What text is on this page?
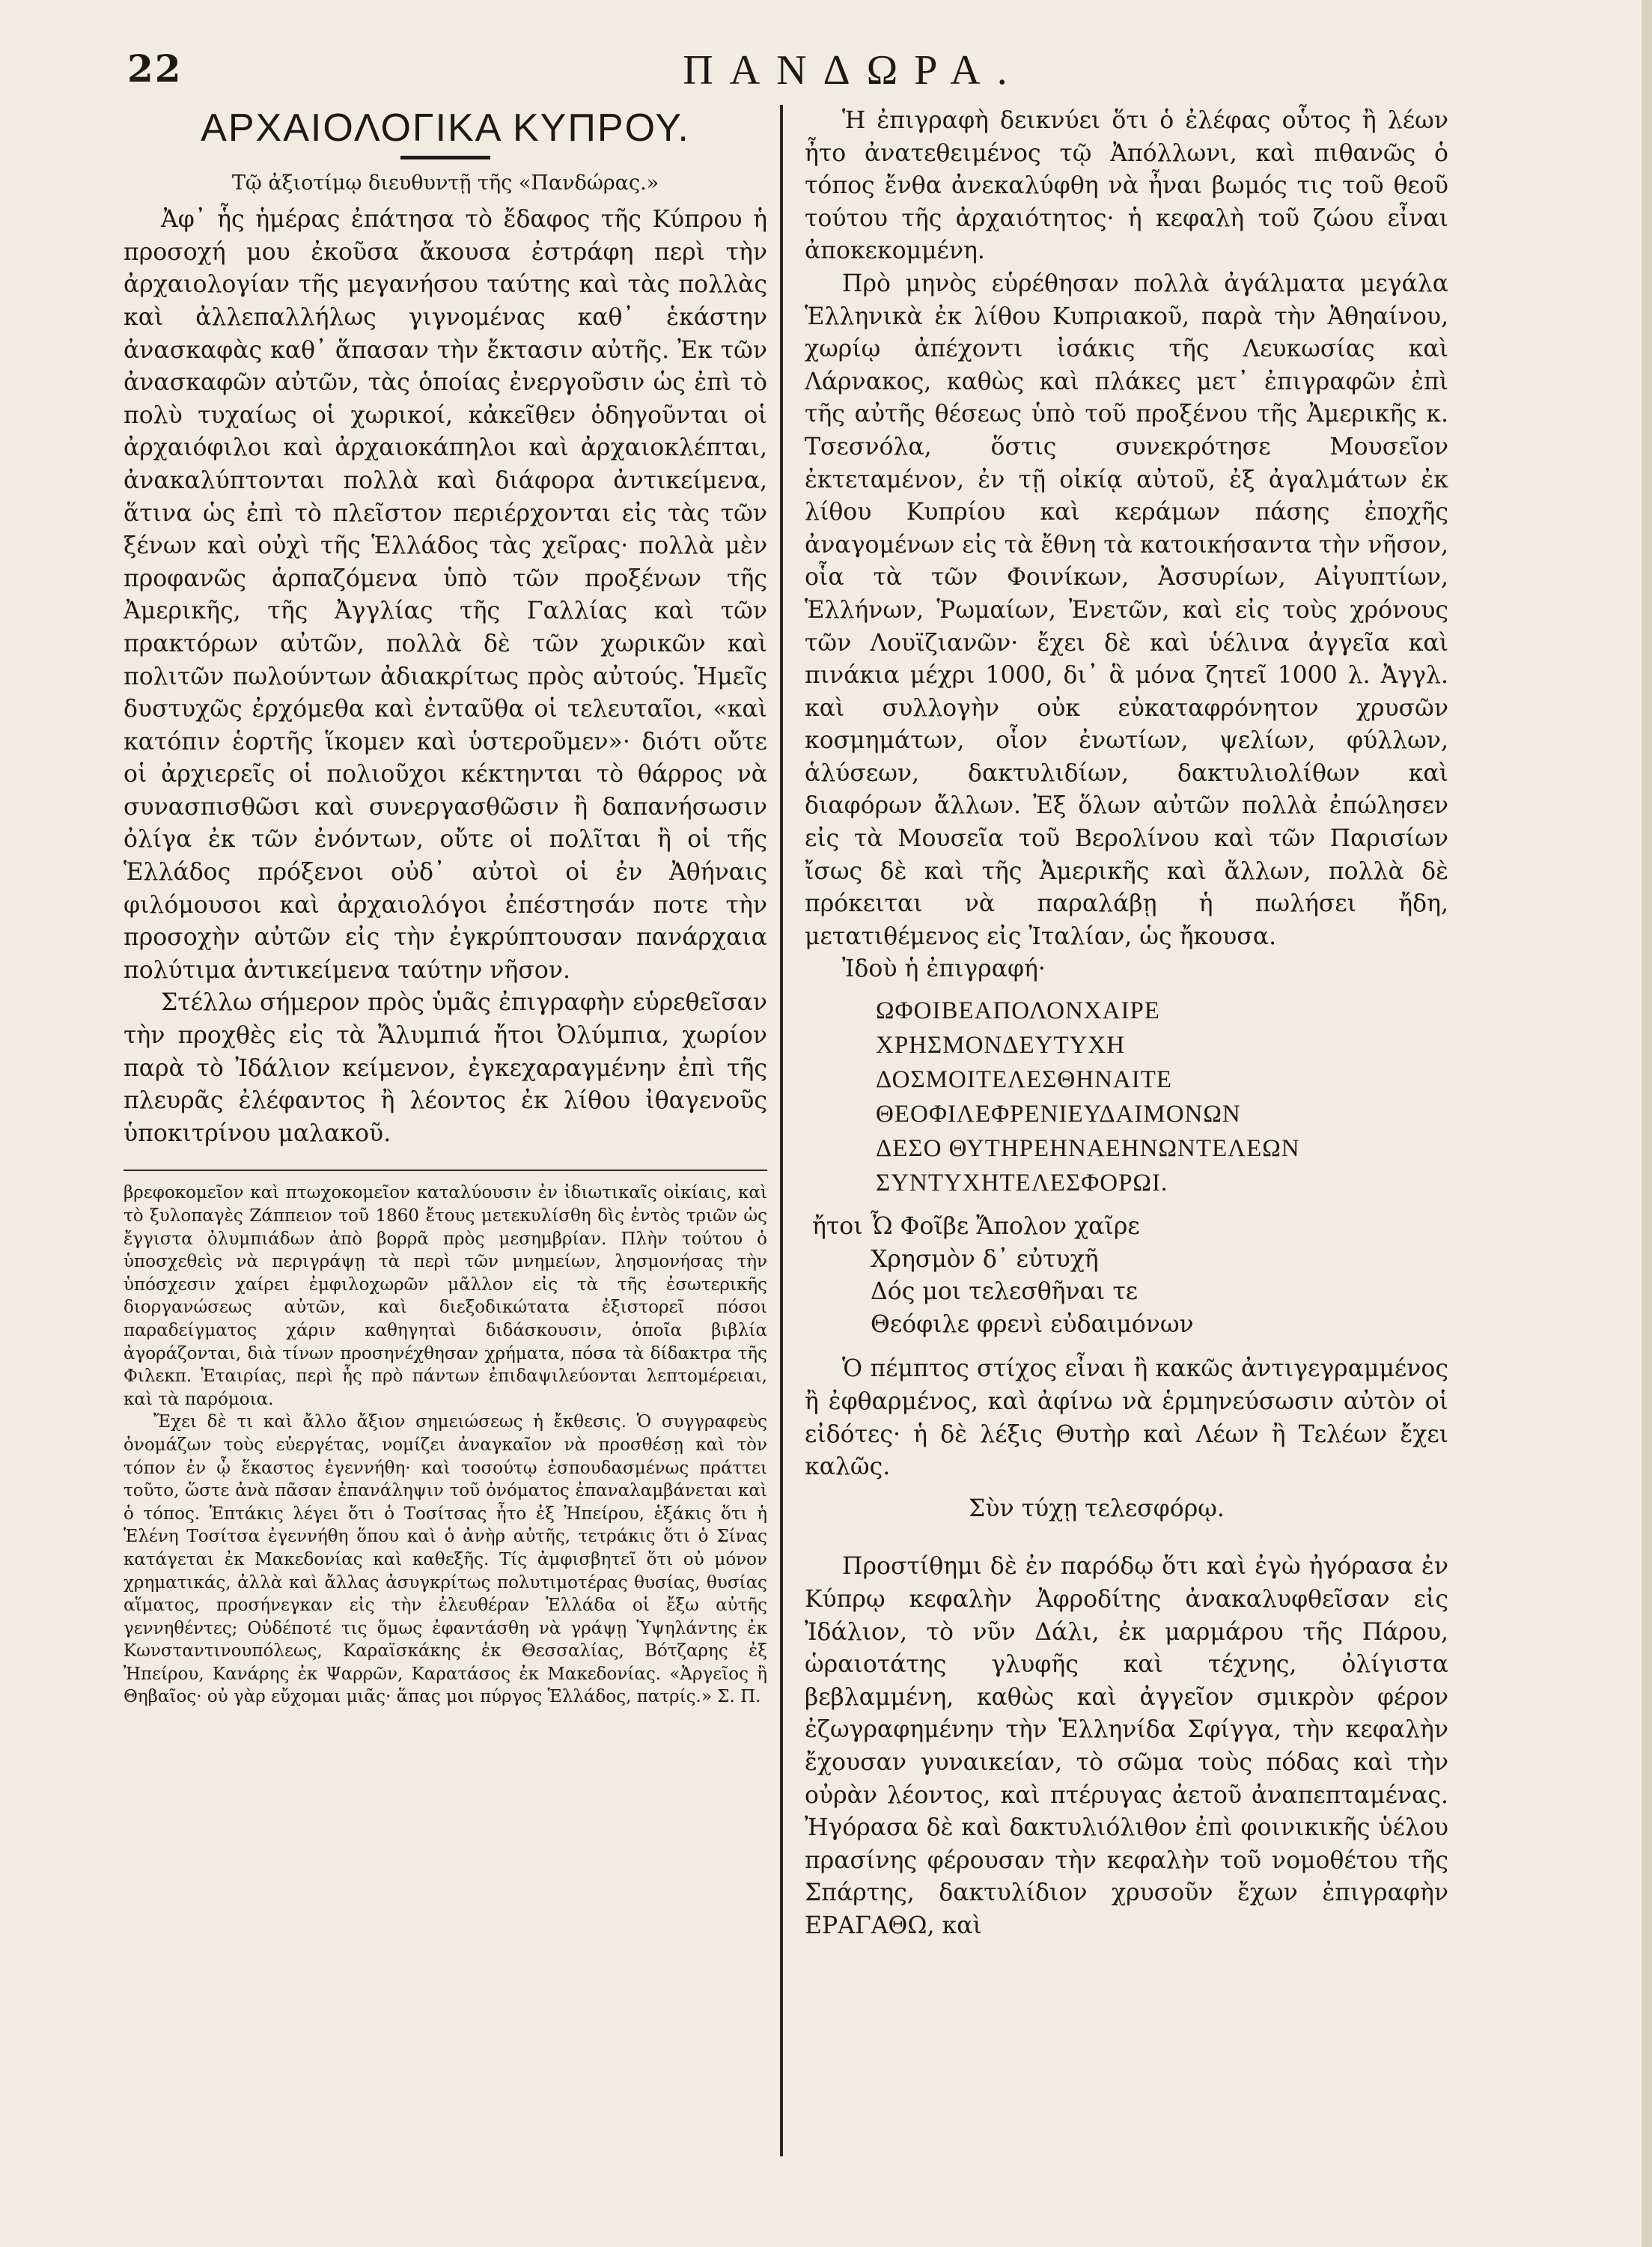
22	ΠΑΝΔΩΡΑ.
ΑΡΧΑΙΟΛΟΓΙΚΑ ΚΥΠΡΟΥ.
Τῷ ἀξιοτίμῳ διευθυντῇ τῆς «Πανδώρας.»

Ἀφ᾽ ἧς ἡμέρας ἐπάτησα τὸ ἔδαφος τῆς Κύπρου ἡ προσοχή μου ἐκοῦσα ἄκουσα ἐστράφη περὶ τὴν ἀρχαιολογίαν τῆς μεγανήσου ταύτης καὶ τὰς πολλὰς καὶ ἀλλεπαλλήλως γιγνομένας καθ᾽ ἑκάστην ἀνασκαφὰς καθ᾽ ἅπασαν τὴν ἔκτασιν αὐτῆς. Ἐκ τῶν ἀνασκαφῶν αὐτῶν, τὰς ὁποίας ἐνεργοῦσιν ὡς ἐπὶ τὸ πολὺ τυχαίως οἱ χωρικοί, κἀκεῖθεν ὁδηγοῦνται οἱ ἀρχαιόφιλοι καὶ ἀρχαιοκάπηλοι καὶ ἀρχαιοκλέπται, ἀνακαλύπτονται πολλὰ καὶ διάφορα ἀντικείμενα, ἅτινα ὡς ἐπὶ τὸ πλεῖστον περιέρχονται εἰς τὰς τῶν ξένων καὶ οὐχὶ τῆς Ἑλλάδος τὰς χεῖρας· πολλὰ μὲν προφανῶς ἁρπαζόμενα ὑπὸ τῶν προξένων τῆς Ἀμερικῆς, τῆς Ἀγγλίας τῆς Γαλλίας καὶ τῶν πρακτόρων αὐτῶν, πολλὰ δὲ τῶν χωρικῶν καὶ πολιτῶν πωλούντων ἀδιακρίτως πρὸς αὐτούς. Ἡμεῖς δυστυχῶς ἐρχόμεθα καὶ ἐνταῦθα οἱ τελευταῖοι, «καὶ κατόπιν ἑορτῆς ἵκομεν καὶ ὑστεροῦμεν»· διότι οὔτε οἱ ἀρχιερεῖς οἱ πολιοῦχοι κέκτηνται τὸ θάρρος νὰ συνασπισθῶσι καὶ συνεργασθῶσιν ἢ δαπανήσωσιν ὀλίγα ἐκ τῶν ἐνόντων, οὔτε οἱ πολῖται ἢ οἱ τῆς Ἑλλάδος πρόξενοι οὐδ᾽ αὐτοὶ οἱ ἐν Ἀθήναις φιλόμουσοι καὶ ἀρχαιολόγοι ἐπέστησάν ποτε τὴν προσοχὴν αὐτῶν εἰς τὴν ἐγκρύπτουσαν πανάρχαια πολύτιμα ἀντικείμενα ταύτην νῆσον.

Στέλλω σήμερον πρὸς ὑμᾶς ἐπιγραφὴν εὑρεθεῖσαν τὴν προχθὲς εἰς τὰ Ἄλυμπιά ἤτοι Ὀλύμπια, χωρίον παρὰ τὸ Ἰδάλιον κείμενον, ἐγκεχαραγμένην ἐπὶ τῆς πλευρᾶς ἐλέφαντος ἢ λέοντος ἐκ λίθου ἰθαγενοῦς ὑποκιτρίνου μαλακοῦ.

βρεφοκομεῖον καὶ πτωχοκομεῖον καταλύουσιν ἐν ἰδιωτικαῖς οἰκίαις, καὶ τὸ ξυλοπαγὲς Ζάππειον τοῦ 1860 ἔτους μετεκυλίσθη δὶς ἐντὸς τριῶν ὡς ἔγγιστα ὀλυμπιάδων ἀπὸ βορρᾶ πρὸς μεσημβρίαν. Πλὴν τούτου ὁ ὑποσχεθεὶς νὰ περιγράψῃ τὰ περὶ τῶν μνημείων, λησμονήσας τὴν ὑπόσχεσιν χαίρει ἐμφιλοχωρῶν μᾶλλον εἰς τὰ τῆς ἐσωτερικῆς διοργανώσεως αὐτῶν, καὶ διεξοδικώτατα ἐξιστορεῖ πόσοι παραδείγματος χάριν καθηγηταὶ διδάσκουσιν, ὁποῖα βιβλία ἀγοράζονται, διὰ τίνων προσηνέχθησαν χρήματα, πόσα τὰ δίδακτρα τῆς Φιλεκπ. Ἑταιρίας, περὶ ἧς πρὸ πάντων ἐπιδαψιλεύονται λεπτομέρειαι, καὶ τὰ παρόμοια.

Ἔχει δὲ τι καὶ ἄλλο ἄξιον σημειώσεως ἡ ἔκθεσις. Ὁ συγγραφεὺς ὀνομάζων τοὺς εὐεργέτας, νομίζει ἀναγκαῖον νὰ προσθέσῃ καὶ τὸν τόπον ἐν ᾧ ἕκαστος ἐγεννήθη· καὶ τοσούτῳ ἐσπουδασμένως πράττει τοῦτο, ὥστε ἀνὰ πᾶσαν ἐπανάληψιν τοῦ ὀνόματος ἐπαναλαμβάνεται καὶ ὁ τόπος. Ἑπτάκις λέγει ὅτι ὁ Τοσίτσας ἦτο ἐξ Ἠπείρου, ἑξάκις ὅτι ἡ Ἑλένη Τοσίτσα ἐγεννήθη ὅπου καὶ ὁ ἀνὴρ αὐτῆς, τετράκις ὅτι ὁ Σίνας κατάγεται ἐκ Μακεδονίας καὶ καθεξῆς. Τίς ἀμφισβητεῖ ὅτι οὐ μόνον χρηματικάς, ἀλλὰ καὶ ἄλλας ἀσυγκρίτως πολυτιμοτέρας θυσίας, θυσίας αἵματος, προσήνεγκαν εἰς τὴν ἐλευθέραν Ἑλλάδα οἱ ἔξω αὐτῆς γεννηθέντες; Οὐδέποτέ τις ὅμως ἐφαντάσθη νὰ γράψῃ Ὑψηλάντης ἐκ Κωνσταντινουπόλεως, Καραϊσκάκης ἐκ Θεσσαλίας, Βότζαρης ἐξ Ἠπείρου, Κανάρης ἐκ Ψαρρῶν, Καρατάσος ἐκ Μακεδονίας. «Ἀργεῖος ἢ Θηβαῖος· οὐ γὰρ εὔχομαι μιᾶς· ἅπας μοι πύργος Ἑλλάδος, πατρίς.» Σ. Π.

Ἡ ἐπιγραφὴ δεικνύει ὅτι ὁ ἐλέφας οὗτος ἢ λέων ἦτο ἀνατεθειμένος τῷ Ἀπόλλωνι, καὶ πιθανῶς ὁ τόπος ἔνθα ἀνεκαλύφθη νὰ ἦναι βωμός τις τοῦ θεοῦ τούτου τῆς ἀρχαιότητος· ἡ κεφαλὴ τοῦ ζώου εἶναι ἀποκεκομμένη.

Πρὸ μηνὸς εὑρέθησαν πολλὰ ἀγάλματα μεγάλα Ἑλληνικὰ ἐκ λίθου Κυπριακοῦ, παρὰ τὴν Ἀθηαίνου, χωρίῳ ἀπέχοντι ἰσάκις τῆς Λευκωσίας καὶ Λάρνακος, καθὼς καὶ πλάκες μετ᾽ ἐπιγραφῶν ἐπὶ τῆς αὐτῆς θέσεως ὑπὸ τοῦ προξένου τῆς Ἀμερικῆς κ. Τσεσνόλα, ὅστις συνεκρότησε Μουσεῖον ἐκτεταμένον, ἐν τῇ οἰκίᾳ αὐτοῦ, ἐξ ἀγαλμάτων ἐκ λίθου Κυπρίου καὶ κεράμων πάσης ἐποχῆς ἀναγομένων εἰς τὰ ἔθνη τὰ κατοικήσαντα τὴν νῆσον, οἷα τὰ τῶν Φοινίκων, Ἀσσυρίων, Αἰγυπτίων, Ἑλλήνων, Ῥωμαίων, Ἐνετῶν, καὶ εἰς τοὺς χρόνους τῶν Λουϊζιανῶν· ἔχει δὲ καὶ ὑέλινα ἀγγεῖα καὶ πινάκια μέχρι 1000, δι᾽ ἃ μόνα ζητεῖ 1000 λ. Ἀγγλ. καὶ συλλογὴν οὐκ εὐκαταφρόνητον χρυσῶν κοσμημάτων, οἷον ἐνωτίων, ψελίων, φύλλων, ἁλύσεων, δακτυλιδίων, δακτυλιολίθων καὶ διαφόρων ἄλλων. Ἐξ ὅλων αὐτῶν πολλὰ ἐπώλησεν εἰς τὰ Μουσεῖα τοῦ Βερολίνου καὶ τῶν Παρισίων ἴσως δὲ καὶ τῆς Ἀμερικῆς καὶ ἄλλων, πολλὰ δὲ πρόκειται νὰ παραλάβῃ ἡ πωλήσει ἤδη, μετατιθέμενος εἰς Ἰταλίαν, ὡς ἤκουσα.

Ἰδοὺ ἡ ἐπιγραφή·

ΩΦΟΙΒΕΑΠΟΛΟΝΧΑΙΡΕ
ΧΡΗΣΜΟΝΔΕΥΤΥΧΗ
ΔΟΣΜΟΙΤΕΛΕΣΘΗΝΑΙΤΕ
ΘΕΟΦΙΛΕΦΡΕΝΙΕΥΔΑΙΜΟΝΩΝ
ΔΕΣΟ ΘΥΤΗΡΕΗΝΑΕΗΝΩΝΤΕΛΕΩΝ
ΣΥΝΤΥΧΗΤΕΛΕΣΦΟΡΩΙ.
ἤτοι Ὦ Φοῖβε Ἄπολον χαῖρε
Χρησμὸν δ᾽ εὐτυχῆ
Δός μοι τελεσθῆναι τε
Θεόφιλε φρενὶ εὐδαιμόνων

Ὁ πέμπτος στίχος εἶναι ἢ κακῶς ἀντιγεγραμμένος ἢ ἐφθαρμένος, καὶ ἀφίνω νὰ ἑρμηνεύσωσιν αὐτὸν οἱ εἰδότες· ἡ δὲ λέξις Θυτὴρ καὶ Λέων ἢ Τελέων ἔχει καλῶς.

Σὺν τύχῃ τελεσφόρῳ.

Προστίθημι δὲ ἐν παρόδῳ ὅτι καὶ ἐγὼ ἠγόρασα ἐν Κύπρῳ κεφαλὴν Ἀφροδίτης ἀνακαλυφθεῖσαν εἰς Ἰδάλιον, τὸ νῦν Δάλι, ἐκ μαρμάρου τῆς Πάρου, ὡραιοτάτης γλυφῆς καὶ τέχνης, ὀλίγιστα βεβλαμμένη, καθὼς καὶ ἀγγεῖον σμικρὸν φέρον ἐζωγραφημένην τὴν Ἑλληνίδα Σφίγγα, τὴν κεφαλὴν ἔχουσαν γυναικείαν, τὸ σῶμα τοὺς πόδας καὶ τὴν οὐρὰν λέοντος, καὶ πτέρυγας ἀετοῦ ἀναπεπταμένας. Ἠγόρασα δὲ καὶ δακτυλιόλιθον ἐπὶ φοινικικῆς ὑέλου πρασίνης φέρουσαν τὴν κεφαλὴν τοῦ νομοθέτου τῆς Σπάρτης, δακτυλίδιον χρυσοῦν ἔχων ἐπιγραφὴν ΕΡΑΓΑΘΩ, καὶ
